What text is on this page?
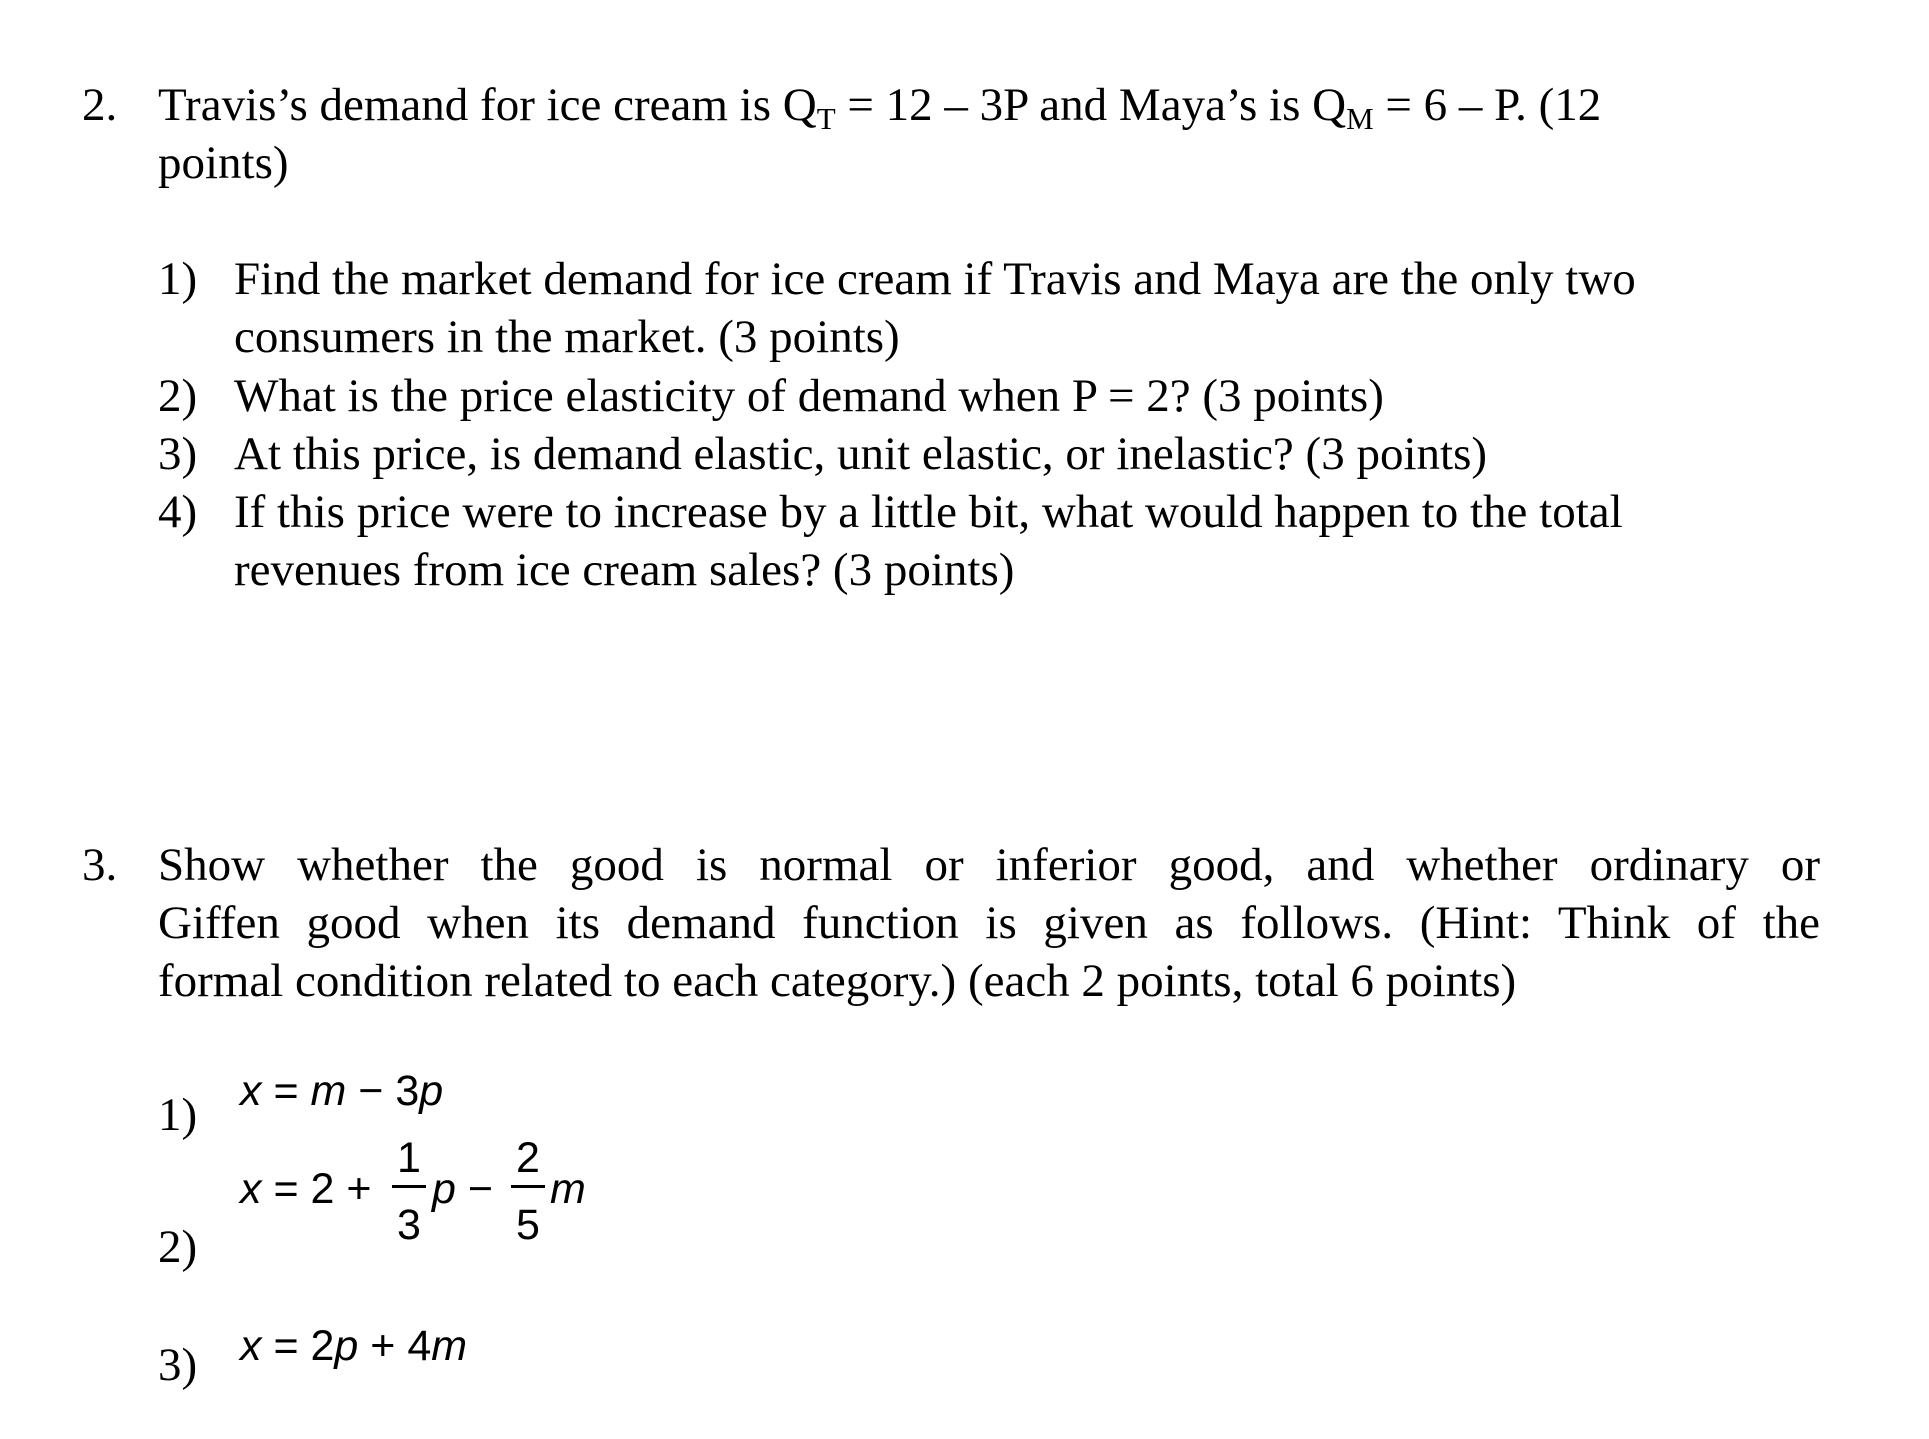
2. Travis’s demand for ice cream is $Q_T = 12 - 3P$ and Maya’s is $Q_M = 6 - P$. (12
points)
1) Find the market demand for ice cream if Travis and Maya are the only two
consumers in the market. (3 points)
2) What is the price elasticity of demand when P = 2? (3 points)
3) At this price, is demand elastic, unit elastic, or inelastic? (3 points)
4) If this price were to increase by a little bit, what would happen to the total
revenues from ice cream sales? (3 points)
3. Show whether the good is normal or inferior good, and whether ordinary or
Giffen good when its demand function is given as follows. (Hint: Think of the
formal condition related to each category.) (each 2 points, total 6 points)
1) x = m − 3p
x = 2 +
1
3
p −
2
5
m
2)
x = 2p + 4m
3)
